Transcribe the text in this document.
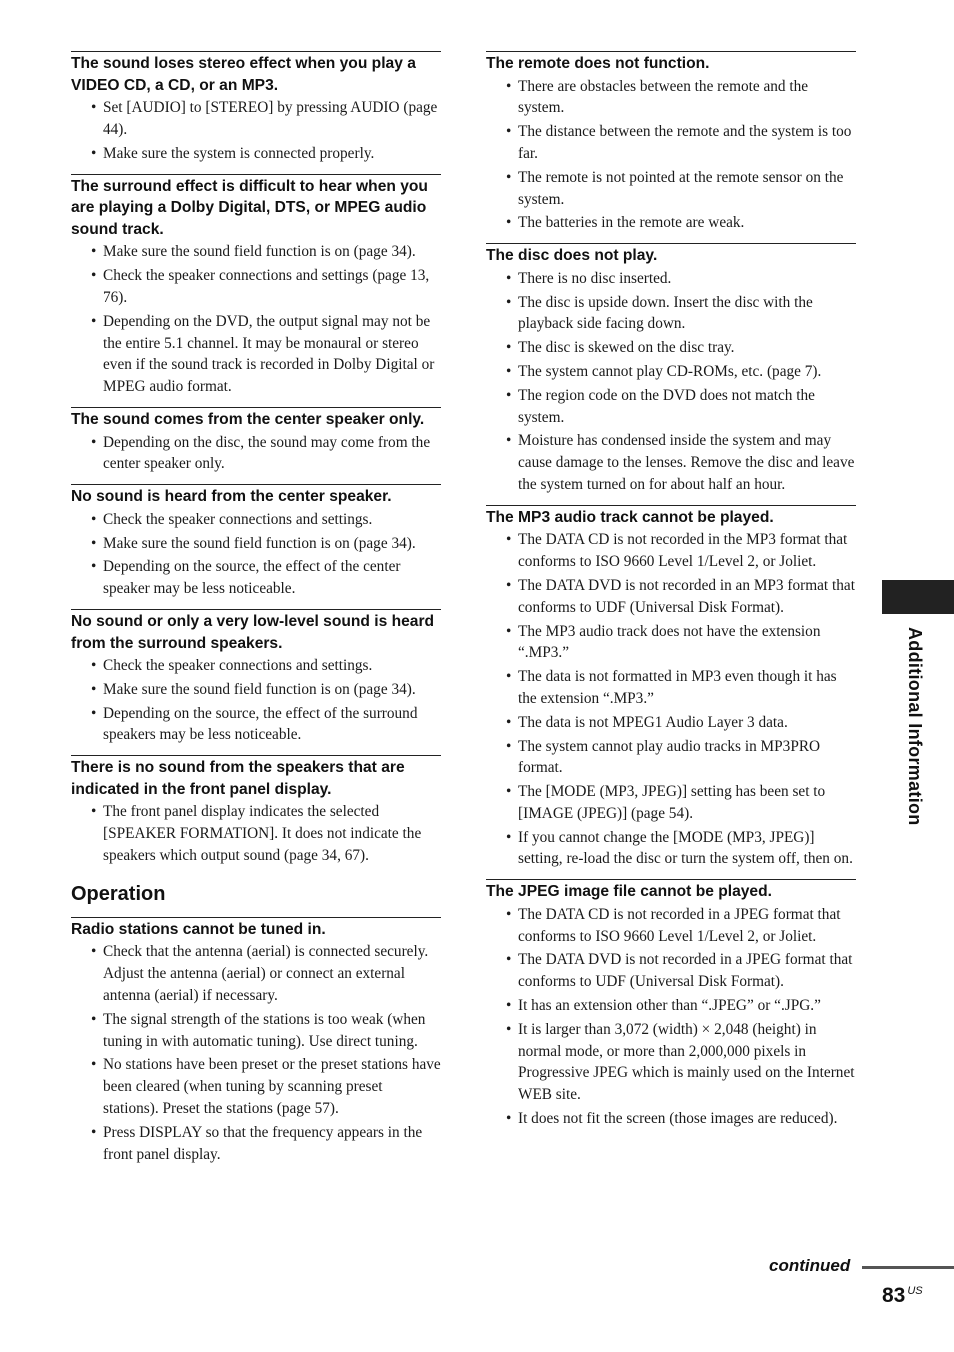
The sound loses stereo effect when you play a VIDEO CD, a CD, or an MP3.
• Set [AUDIO] to [STEREO] by pressing AUDIO (page 44).
• Make sure the system is connected properly.
The surround effect is difficult to hear when you are playing a Dolby Digital, DTS, or MPEG audio sound track.
• Make sure the sound field function is on (page 34).
• Check the speaker connections and settings (page 13, 76).
• Depending on the DVD, the output signal may not be the entire 5.1 channel. It may be monaural or stereo even if the sound track is recorded in Dolby Digital or MPEG audio format.
The sound comes from the center speaker only.
• Depending on the disc, the sound may come from the center speaker only.
No sound is heard from the center speaker.
• Check the speaker connections and settings.
• Make sure the sound field function is on (page 34).
• Depending on the source, the effect of the center speaker may be less noticeable.
No sound or only a very low-level sound is heard from the surround speakers.
• Check the speaker connections and settings.
• Make sure the sound field function is on (page 34).
• Depending on the source, the effect of the surround speakers may be less noticeable.
There is no sound from the speakers that are indicated in the front panel display.
• The front panel display indicates the selected [SPEAKER FORMATION]. It does not indicate the speakers which output sound (page 34, 67).
Operation
Radio stations cannot be tuned in.
• Check that the antenna (aerial) is connected securely. Adjust the antenna (aerial) or connect an external antenna (aerial) if necessary.
• The signal strength of the stations is too weak (when tuning in with automatic tuning). Use direct tuning.
• No stations have been preset or the preset stations have been cleared (when tuning by scanning preset stations). Preset the stations (page 57).
• Press DISPLAY so that the frequency appears in the front panel display.
The remote does not function.
• There are obstacles between the remote and the system.
• The distance between the remote and the system is too far.
• The remote is not pointed at the remote sensor on the system.
• The batteries in the remote are weak.
The disc does not play.
• There is no disc inserted.
• The disc is upside down. Insert the disc with the playback side facing down.
• The disc is skewed on the disc tray.
• The system cannot play CD-ROMs, etc. (page 7).
• The region code on the DVD does not match the system.
• Moisture has condensed inside the system and may cause damage to the lenses. Remove the disc and leave the system turned on for about half an hour.
The MP3 audio track cannot be played.
• The DATA CD is not recorded in the MP3 format that conforms to ISO 9660 Level 1/Level 2, or Joliet.
• The DATA DVD is not recorded in an MP3 format that conforms to UDF (Universal Disk Format).
• The MP3 audio track does not have the extension “.MP3.”
• The data is not formatted in MP3 even though it has the extension “.MP3.”
• The data is not MPEG1 Audio Layer 3 data.
• The system cannot play audio tracks in MP3PRO format.
• The [MODE (MP3, JPEG)] setting has been set to [IMAGE (JPEG)] (page 54).
• If you cannot change the [MODE (MP3, JPEG)] setting, re-load the disc or turn the system off, then on.
The JPEG image file cannot be played.
• The DATA CD is not recorded in a JPEG format that conforms to ISO 9660 Level 1/Level 2, or Joliet.
• The DATA DVD is not recorded in a JPEG format that conforms to UDF (Universal Disk Format).
• It has an extension other than “.JPEG” or “.JPG.”
• It is larger than 3,072 (width) × 2,048 (height) in normal mode, or more than 2,000,000 pixels in Progressive JPEG which is mainly used on the Internet WEB site.
• It does not fit the screen (those images are reduced).
Additional Information
continued
83 $^{US}$
